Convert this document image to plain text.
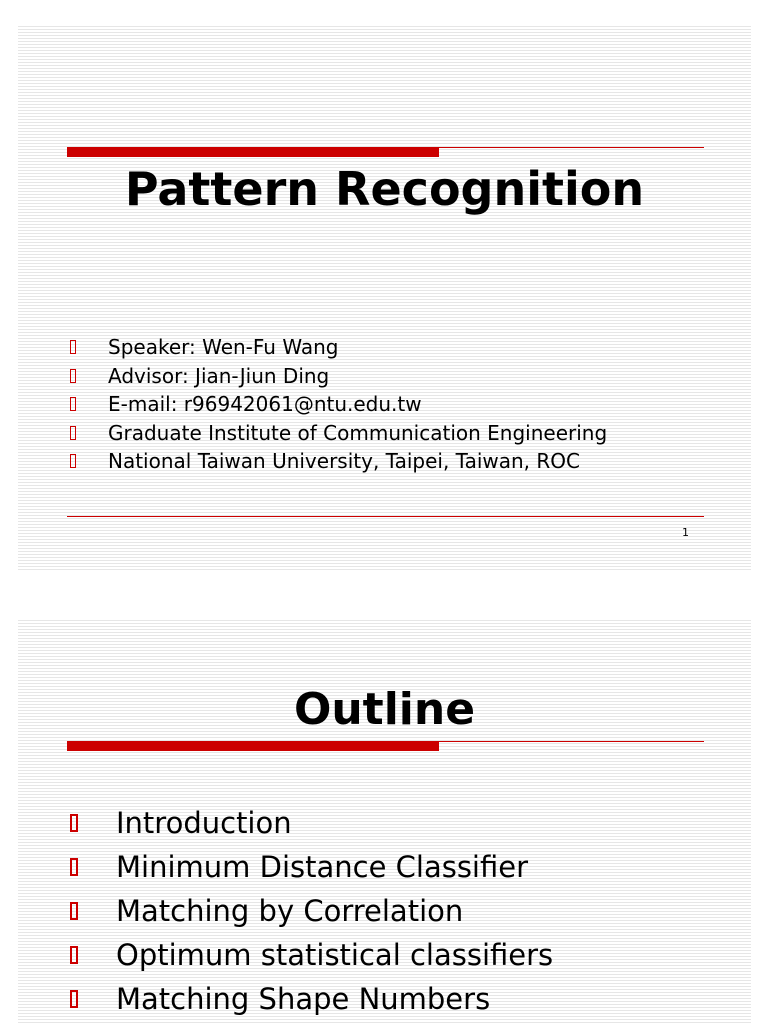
Pattern Recognition
Speaker: Wen-Fu Wang
Advisor: Jian-Jiun Ding
E-mail: r96942061@ntu.edu.tw
Graduate Institute of Communication Engineering
National Taiwan University, Taipei, Taiwan, ROC
1
Outline
Introduction
Minimum Distance Classifier
Matching by Correlation
Optimum statistical classifiers
Matching Shape Numbers
